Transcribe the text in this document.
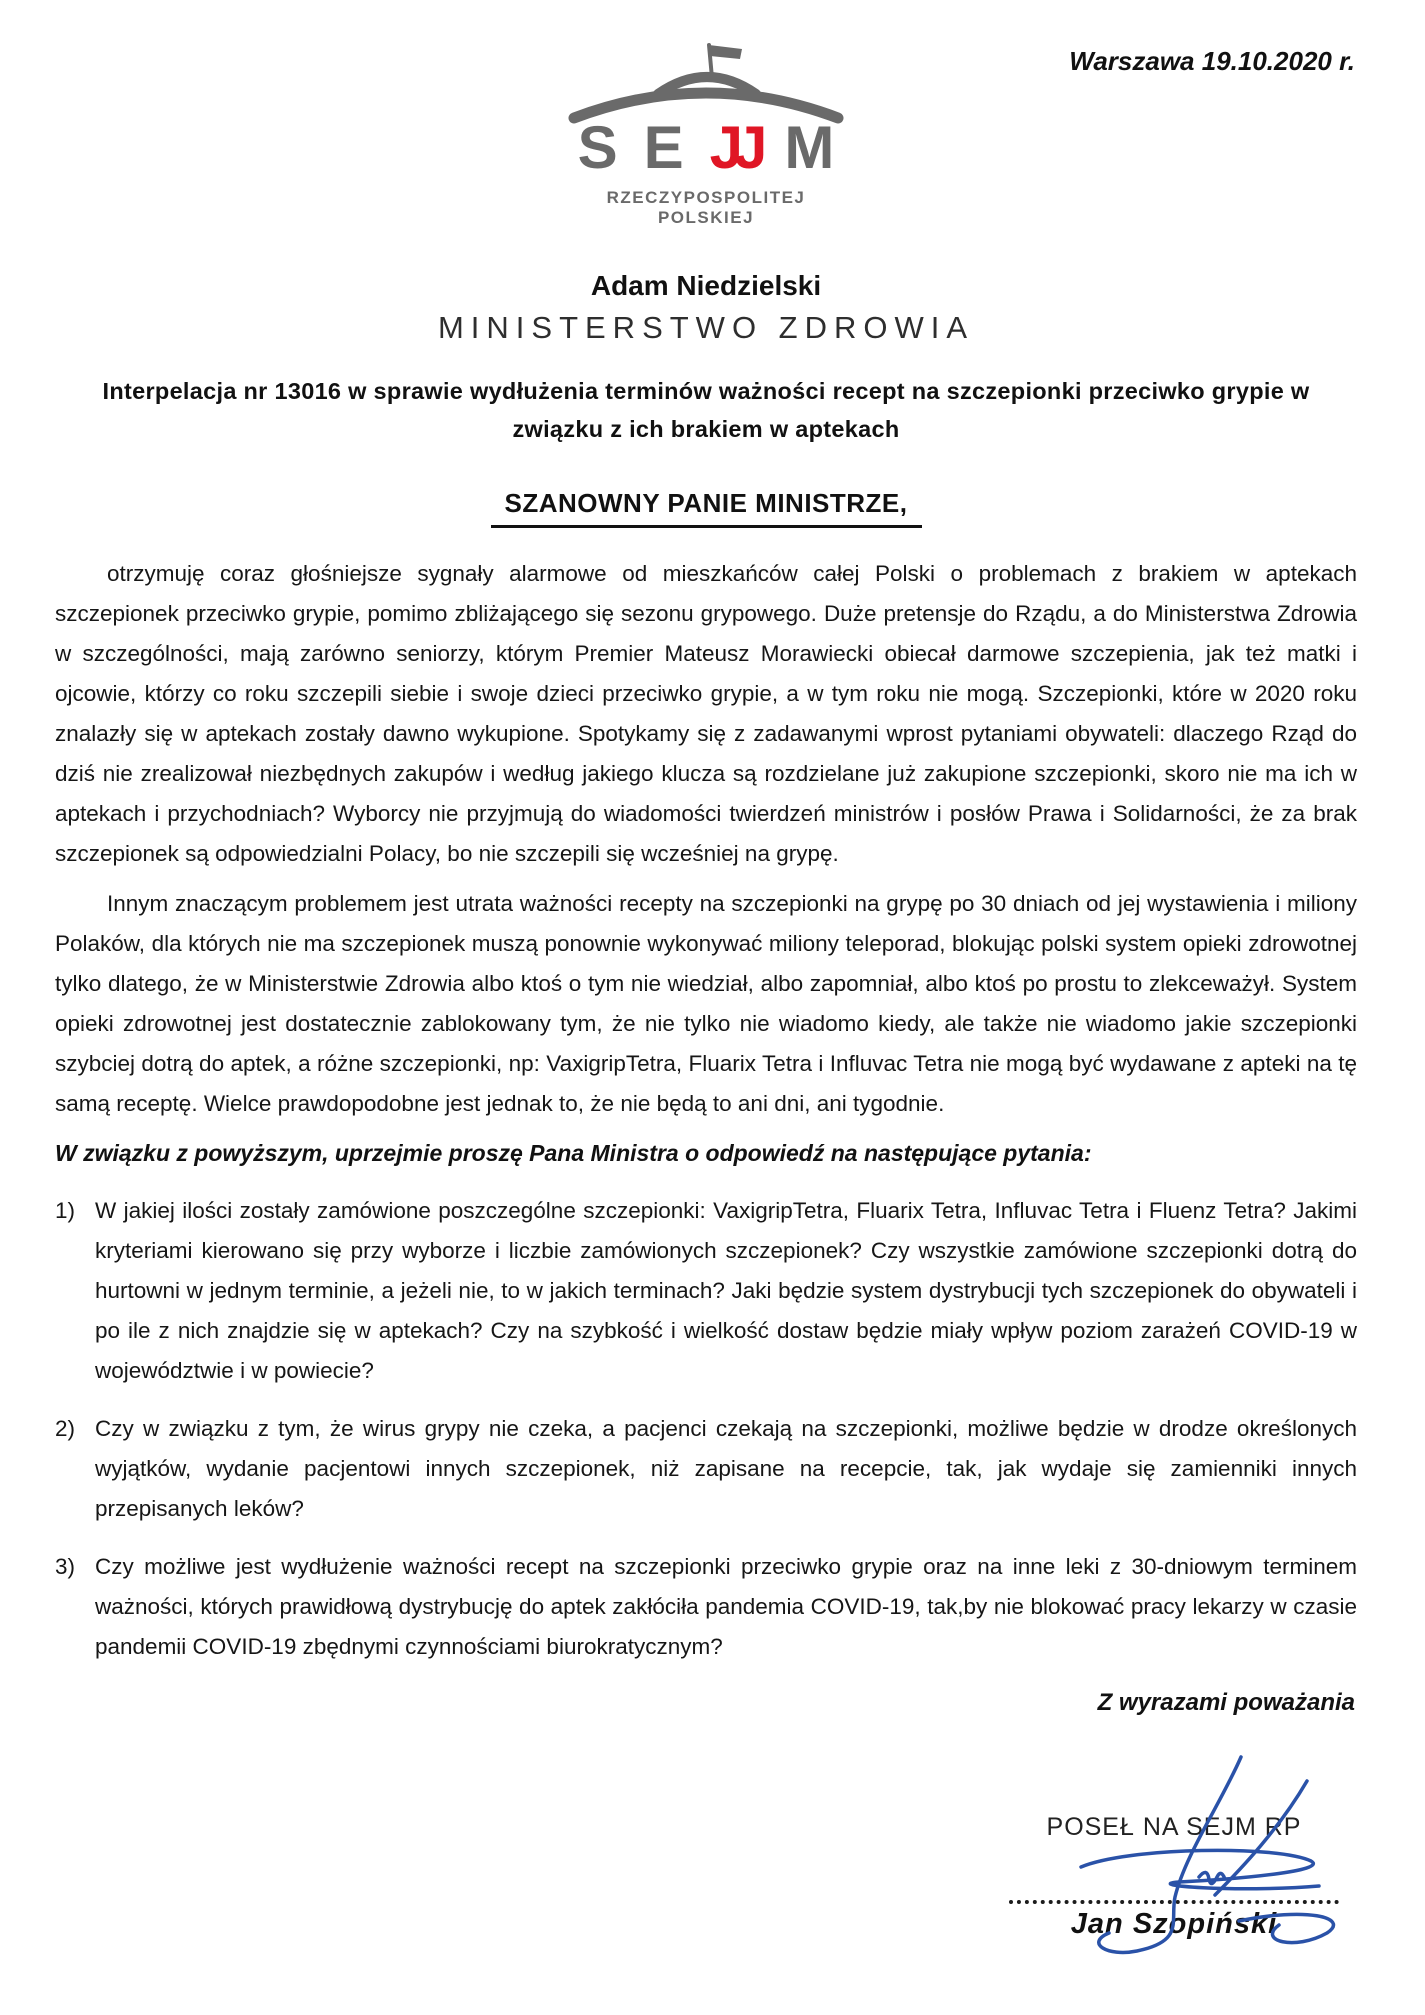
Warszawa 19.10.2020 r.
SEJJ M
RZECZYPOSPOLITEJ POLSKIEJ
Adam Niedzielski
MINISTERSTWO ZDROWIA
Interpelacja nr 13016 w sprawie wydłużenia terminów ważności recept na szczepionki przeciwko grypie w związku z ich brakiem w aptekach
SZANOWNY PANIE MINISTRZE,

otrzymuję coraz głośniejsze sygnały alarmowe od mieszkańców całej Polski o problemach z brakiem w aptekach szczepionek przeciwko grypie, pomimo zbliżającego się sezonu grypowego. Duże pretensje do Rządu, a do Ministerstwa Zdrowia w szczególności, mają zarówno seniorzy, którym Premier Mateusz Morawiecki obiecał darmowe szczepienia, jak też matki i ojcowie, którzy co roku szczepili siebie i swoje dzieci przeciwko grypie, a w tym roku nie mogą. Szczepionki, które w 2020 roku znalazły się w aptekach zostały dawno wykupione. Spotykamy się z zadawanymi wprost pytaniami obywateli: dlaczego Rząd do dziś nie zrealizował niezbędnych zakupów i według jakiego klucza są rozdzielane już zakupione szczepionki, skoro nie ma ich w aptekach i przychodniach? Wyborcy nie przyjmują do wiadomości twierdzeń ministrów i posłów Prawa i Solidarności, że za brak szczepionek są odpowiedzialni Polacy, bo nie szczepili się wcześniej na grypę.

Innym znaczącym problemem jest utrata ważności recepty na szczepionki na grypę po 30 dniach od jej wystawienia i miliony Polaków, dla których nie ma szczepionek muszą ponownie wykonywać miliony teleporad, blokując polski system opieki zdrowotnej tylko dlatego, że w Ministerstwie Zdrowia albo ktoś o tym nie wiedział, albo zapomniał, albo ktoś po prostu to zlekceważył. System opieki zdrowotnej jest dostatecznie zablokowany tym, że nie tylko nie wiadomo kiedy, ale także nie wiadomo jakie szczepionki szybciej dotrą do aptek, a różne szczepionki, np: VaxigripTetra, Fluarix Tetra i Influvac Tetra nie mogą być wydawane z apteki na tę samą receptę. Wielce prawdopodobne jest jednak to, że nie będą to ani dni, ani tygodnie.

W związku z powyższym, uprzejmie proszę Pana Ministra o odpowiedź na następujące pytania:
1) W jakiej ilości zostały zamówione poszczególne szczepionki: VaxigripTetra, Fluarix Tetra, Influvac Tetra i Fluenz Tetra? Jakimi kryteriami kierowano się przy wyborze i liczbie zamówionych szczepionek? Czy wszystkie zamówione szczepionki dotrą do hurtowni w jednym terminie, a jeżeli nie, to w jakich terminach? Jaki będzie system dystrybucji tych szczepionek do obywateli i po ile z nich znajdzie się w aptekach? Czy na szybkość i wielkość dostaw będzie miały wpływ poziom zarażeń COVID-19 w województwie i w powiecie?
2) Czy w związku z tym, że wirus grypy nie czeka, a pacjenci czekają na szczepionki, możliwe będzie w drodze określonych wyjątków, wydanie pacjentowi innych szczepionek, niż zapisane na recepcie, tak, jak wydaje się zamienniki innych przepisanych leków?
3) Czy możliwe jest wydłużenie ważności recept na szczepionki przeciwko grypie oraz na inne leki z 30-dniowym terminem ważności, których prawidłową dystrybucję do aptek zakłóciła pandemia COVID-19, tak,by nie blokować pracy lekarzy w czasie pandemii COVID-19 zbędnymi czynnościami biurokratycznym?
Z wyrazami poważania
POSEŁ NA SEJM RP
Jan Szopiński
